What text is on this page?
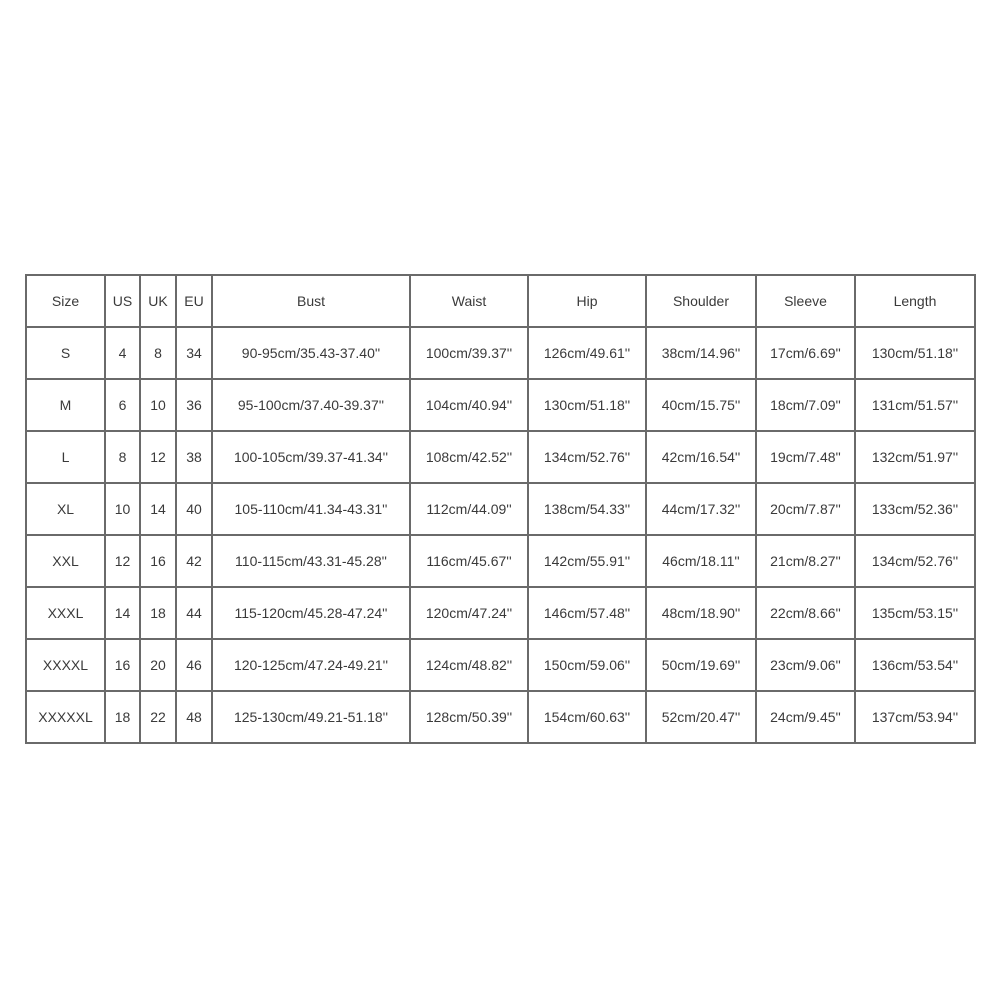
Size	US	UK	EU	Bust	Waist	Hip	Shoulder	Sleeve	Length
S	4	8	34	90-95cm/35.43-37.40''	100cm/39.37''	126cm/49.61''	38cm/14.96''	17cm/6.69''	130cm/51.18''
M	6	10	36	95-100cm/37.40-39.37''	104cm/40.94''	130cm/51.18''	40cm/15.75''	18cm/7.09''	131cm/51.57''
L	8	12	38	100-105cm/39.37-41.34''	108cm/42.52''	134cm/52.76''	42cm/16.54''	19cm/7.48''	132cm/51.97''
XL	10	14	40	105-110cm/41.34-43.31''	112cm/44.09''	138cm/54.33''	44cm/17.32''	20cm/7.87''	133cm/52.36''
XXL	12	16	42	110-115cm/43.31-45.28''	116cm/45.67''	142cm/55.91''	46cm/18.11''	21cm/8.27''	134cm/52.76''
XXXL	14	18	44	115-120cm/45.28-47.24''	120cm/47.24''	146cm/57.48''	48cm/18.90''	22cm/8.66''	135cm/53.15''
XXXXL	16	20	46	120-125cm/47.24-49.21''	124cm/48.82''	150cm/59.06''	50cm/19.69''	23cm/9.06''	136cm/53.54''
XXXXXL	18	22	48	125-130cm/49.21-51.18''	128cm/50.39''	154cm/60.63''	52cm/20.47''	24cm/9.45''	137cm/53.94''
